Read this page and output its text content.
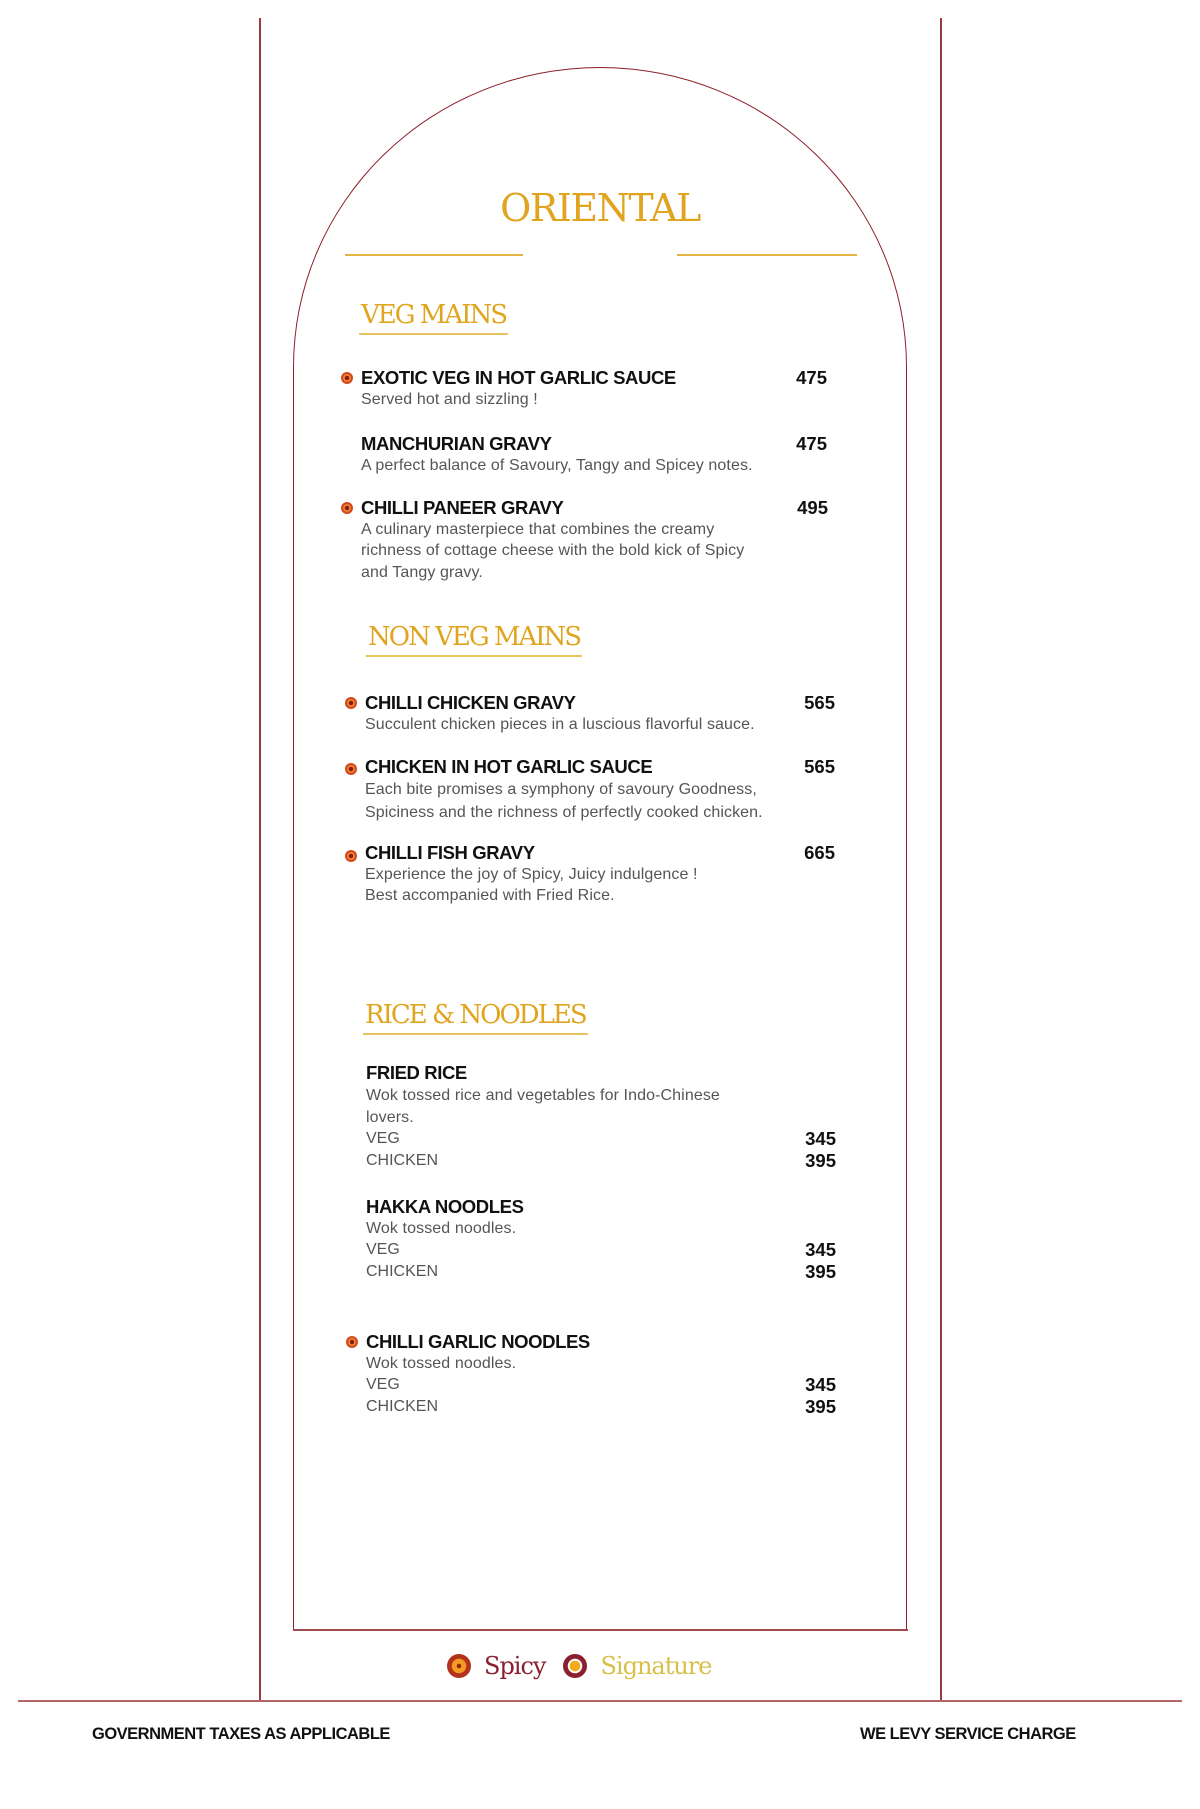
ORIENTAL
VEG MAINS
EXOTIC VEG IN HOT GARLIC SAUCE	475
Served hot and sizzling !
MANCHURIAN GRAVY	475
A perfect balance of Savoury, Tangy and Spicey notes.
CHILLI PANEER GRAVY	495
A culinary masterpiece that combines the creamy
richness of cottage cheese with the bold kick of Spicy
and Tangy gravy.
NON VEG MAINS
CHILLI CHICKEN GRAVY	565
Succulent chicken pieces in a luscious flavorful sauce.
CHICKEN IN HOT GARLIC SAUCE	565
Each bite promises a symphony of savoury Goodness,
Spiciness and the richness of perfectly cooked chicken.
CHILLI FISH GRAVY	665
Experience the joy of Spicy, Juicy indulgence !
Best accompanied with Fried Rice.
RICE & NOODLES
FRIED RICE
Wok tossed rice and vegetables for Indo-Chinese
lovers.
VEG	345
CHICKEN	395
HAKKA NOODLES
Wok tossed noodles.
VEG	345
CHICKEN	395
CHILLI GARLIC NOODLES
Wok tossed noodles.
VEG	345
CHICKEN	395
Spicy Signature
GOVERNMENT TAXES AS APPLICABLE	WE LEVY SERVICE CHARGE
